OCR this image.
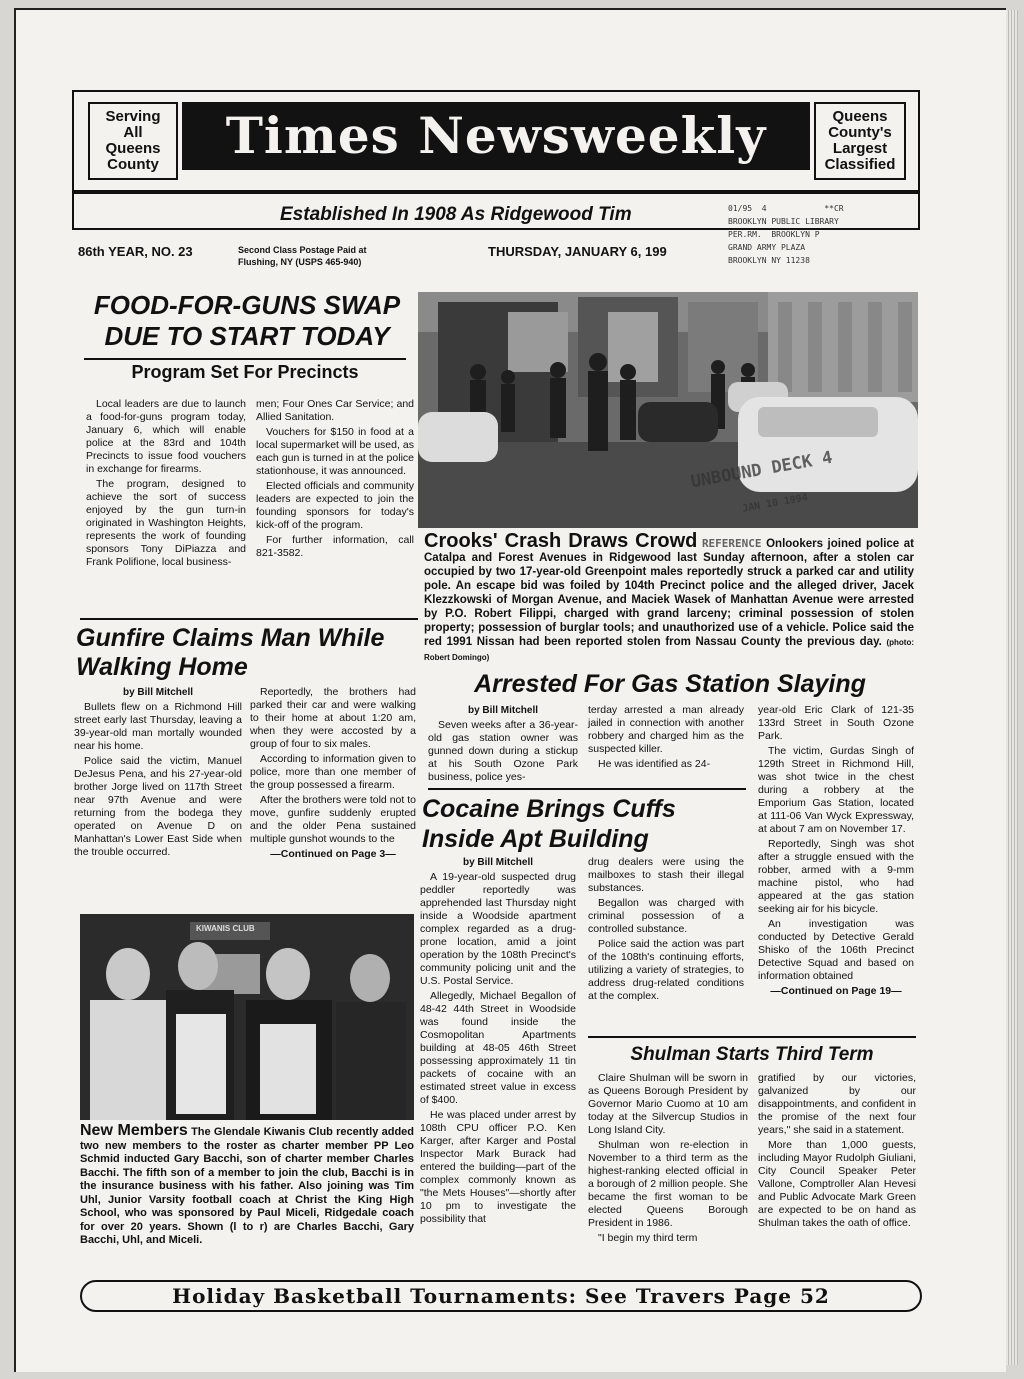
Serving
All
Queens
County	Times Newsweekly	Queens
County's
Largest
Classified
Established In 1908 As Ridgewood Tim	01/95  4            **CR
BROOKLYN PUBLIC LIBRARY
PER.RM.  BROOKLYN P
GRAND ARMY PLAZA
BROOKLYN NY 11238
86th YEAR, NO. 23	Second Class Postage Paid at
Flushing, NY (USPS 465-940)
THURSDAY, JANUARY 6, 199
FOOD-FOR-GUNS SWAP DUE TO START TODAY
Program Set For Precincts

Local leaders are due to launch a food-for-guns program today, January 6, which will enable police at the 83rd and 104th Precincts to issue food vouchers in exchange for firearms.

The program, designed to achieve the sort of success enjoyed by the gun turn-in originated in Washington Heights, represents the work of founding sponsors Tony DiPiazza and Frank Polifione, local business-

men; Four Ones Car Service; and Allied Sanitation.

Vouchers for $150 in food at a local supermarket will be used, as each gun is turned in at the police stationhouse, it was announced.

Elected officials and community leaders are expected to join the founding sponsors for today's kick-off of the program.

For further information, call 821-3582.

Gunfire Claims Man While Walking Home
by Bill Mitchell

Bullets flew on a Richmond Hill street early last Thursday, leaving a 39-year-old man mortally wounded near his home.

Police said the victim, Manuel DeJesus Pena, and his 27-year-old brother Jorge lived on 117th Street near 97th Avenue and were returning from the bodega they operated on Avenue D on Manhattan's Lower East Side when the trouble occurred.

Reportedly, the brothers had parked their car and were walking to their home at about 1:20 am, when they were accosted by a group of four to six males.

According to information given to police, more than one member of the group possessed a firearm.

After the brothers were told not to move, gunfire suddenly erupted and the older Pena sustained multiple gunshot wounds to the

—Continued on Page 3—
UNBOUND DECK 4
JAN 10 1994
Crooks' Crash Draws Crowd REFERENCE Onlookers joined police at Catalpa and Forest Avenues in Ridgewood last Sunday afternoon, after a stolen car occupied by two 17-year-old Greenpoint males reportedly struck a parked car and utility pole. An escape bid was foiled by 104th Precinct police and the alleged driver, Jacek Klezzkowski of Morgan Avenue, and Maciek Wasek of Manhattan Avenue were arrested by P.O. Robert Filippi, charged with grand larceny; criminal possession of stolen property; possession of burglar tools; and unauthorized use of a vehicle. Police said the red 1991 Nissan had been reported stolen from Nassau County the previous day. (photo: Robert Domingo)
Arrested For Gas Station Slaying
by Bill Mitchell

Seven weeks after a 36-year-old gas station owner was gunned down during a stickup at his South Ozone Park business, police yes-

terday arrested a man already jailed in connection with another robbery and charged him as the suspected killer.

He was identified as 24-

year-old Eric Clark of 121-35 133rd Street in South Ozone Park.

The victim, Gurdas Singh of 129th Street in Richmond Hill, was shot twice in the chest during a robbery at the Emporium Gas Station, located at 111-06 Van Wyck Expressway, at about 7 am on November 17.

Reportedly, Singh was shot after a struggle ensued with the robber, armed with a 9-mm machine pistol, who had appeared at the gas station seeking air for his bicycle.

An investigation was conducted by Detective Gerald Shisko of the 106th Precinct Detective Squad and based on information obtained

—Continued on Page 19—
Cocaine Brings Cuffs Inside Apt Building
by Bill Mitchell

A 19-year-old suspected drug peddler reportedly was apprehended last Thursday night inside a Woodside apartment complex regarded as a drug-prone location, amid a joint operation by the 108th Precinct's community policing unit and the U.S. Postal Service.

Allegedly, Michael Begallon of 48-42 44th Street in Woodside was found inside the Cosmopolitan Apartments building at 48-05 46th Street possessing approximately 11 tin packets of cocaine with an estimated street value in excess of $400.

He was placed under arrest by 108th CPU officer P.O. Ken Karger, after Karger and Postal Inspector Mark Burack had entered the building—part of the complex commonly known as "the Mets Houses"—shortly after 10 pm to investigate the possibility that

drug dealers were using the mailboxes to stash their illegal substances.

Begallon was charged with criminal possession of a controlled substance.

Police said the action was part of the 108th's continuing efforts, utilizing a variety of strategies, to address drug-related conditions at the complex.

KIWANIS CLUB
New Members The Glendale Kiwanis Club recently added two new members to the roster as charter member PP Leo Schmid inducted Gary Bacchi, son of charter member Charles Bacchi. The fifth son of a member to join the club, Bacchi is in the insurance business with his father. Also joining was Tim Uhl, Junior Varsity football coach at Christ the King High School, who was sponsored by Paul Miceli, Ridgedale coach for over 20 years. Shown (l to r) are Charles Bacchi, Gary Bacchi, Uhl, and Miceli.
Shulman Starts Third Term

Claire Shulman will be sworn in as Queens Borough President by Governor Mario Cuomo at 10 am today at the Silvercup Studios in Long Island City.

Shulman won re-election in November to a third term as the highest-ranking elected official in a borough of 2 million people. She became the first woman to be elected Queens Borough President in 1986.

"I begin my third term

gratified by our victories, galvanized by our disappointments, and confident in the promise of the next four years," she said in a statement.

More than 1,000 guests, including Mayor Rudolph Giuliani, City Council Speaker Peter Vallone, Comptroller Alan Hevesi and Public Advocate Mark Green are expected to be on hand as Shulman takes the oath of office.

Holiday Basketball Tournaments: See Travers Page 52
